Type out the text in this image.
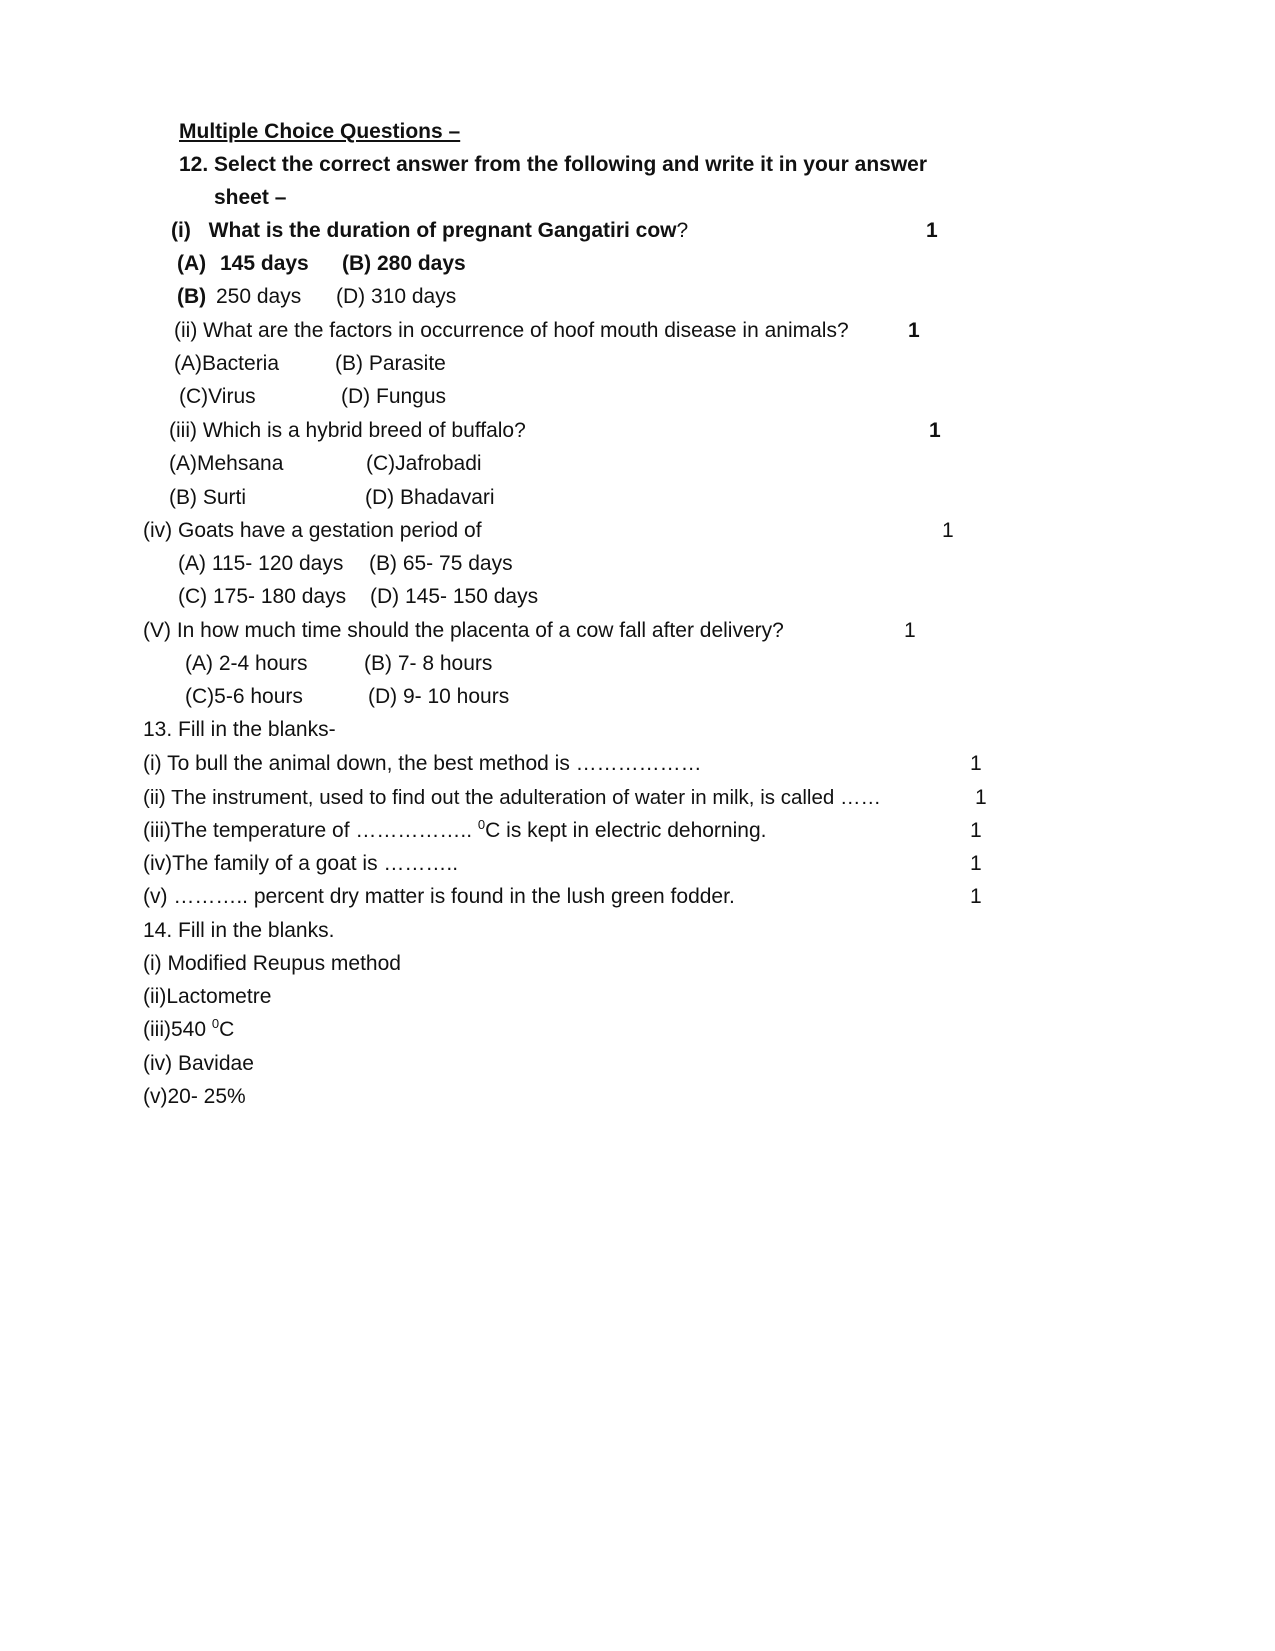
Multiple Choice Questions –
12. Select the correct answer from the following and write it in your answer
sheet –
(i) What is the duration of pregnant Gangatiri cow?	1
(A) 145 days (B) 280 days
(B) 250 days (D) 310 days
(ii) What are the factors in occurrence of hoof mouth disease in animals?	1
(A)Bacteria	(B) Parasite
(C)Virus	(D) Fungus
(iii) Which is a hybrid breed of buffalo?	1
(A)Mehsana	(C)Jafrobadi
(B) Surti	(D) Bhadavari
(iv) Goats have a gestation period of	1
(A) 115- 120 days (B) 65- 75 days
(C) 175- 180 days (D) 145- 150 days
(V) In how much time should the placenta of a cow fall after delivery?	1
(A) 2-4 hours	(B) 7- 8 hours
(C)5-6 hours	(D) 9- 10 hours
13. Fill in the blanks-
(i) To bull the animal down, the best method is ………………	1
(ii) The instrument, used to find out the adulteration of water in milk, is called ……	1
(iii)The temperature of …………….. $^0$C is kept in electric dehorning.	1
(iv)The family of a goat is ………..	1
(v) ……….. percent dry matter is found in the lush green fodder.	1
14. Fill in the blanks.
(i) Modified Reupus method
(ii)Lactometre
(iii)540 $^0$C
(iv) Bavidae
(v)20- 25%
